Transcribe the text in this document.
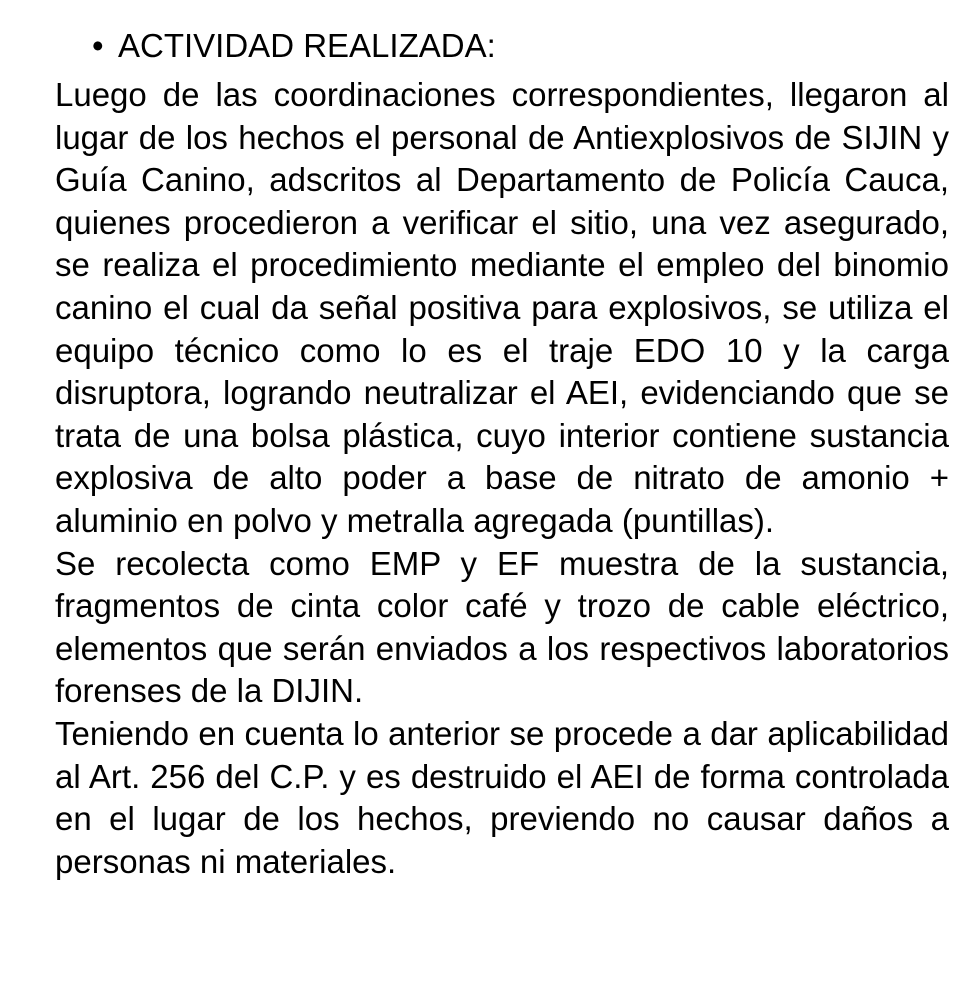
• ACTIVIDAD REALIZADA:

Luego de las coordinaciones correspondientes, llegaron al lugar de los hechos el personal de Antiexplosivos de SIJIN y Guía Canino, adscritos al Departamento de Policía Cauca, quienes procedieron a verificar el sitio, una vez asegurado, se realiza el procedimiento mediante el empleo del binomio canino el cual da señal positiva para explosivos, se utiliza el equipo técnico como lo es el traje EDO 10 y la carga disruptora, logrando neutralizar el AEI, evidenciando que se trata de una bolsa plástica, cuyo interior contiene sustancia explosiva de alto poder a base de nitrato de amonio + aluminio en polvo y metralla agregada (puntillas).

Se recolecta como EMP y EF muestra de la sustancia, fragmentos de cinta color café y trozo de cable eléctrico, elementos que serán enviados a los respectivos laboratorios forenses de la DIJIN.

Teniendo en cuenta lo anterior se procede a dar aplicabilidad al Art. 256 del C.P. y es destruido el AEI de forma controlada en el lugar de los hechos, previendo no causar daños a personas ni materiales.
